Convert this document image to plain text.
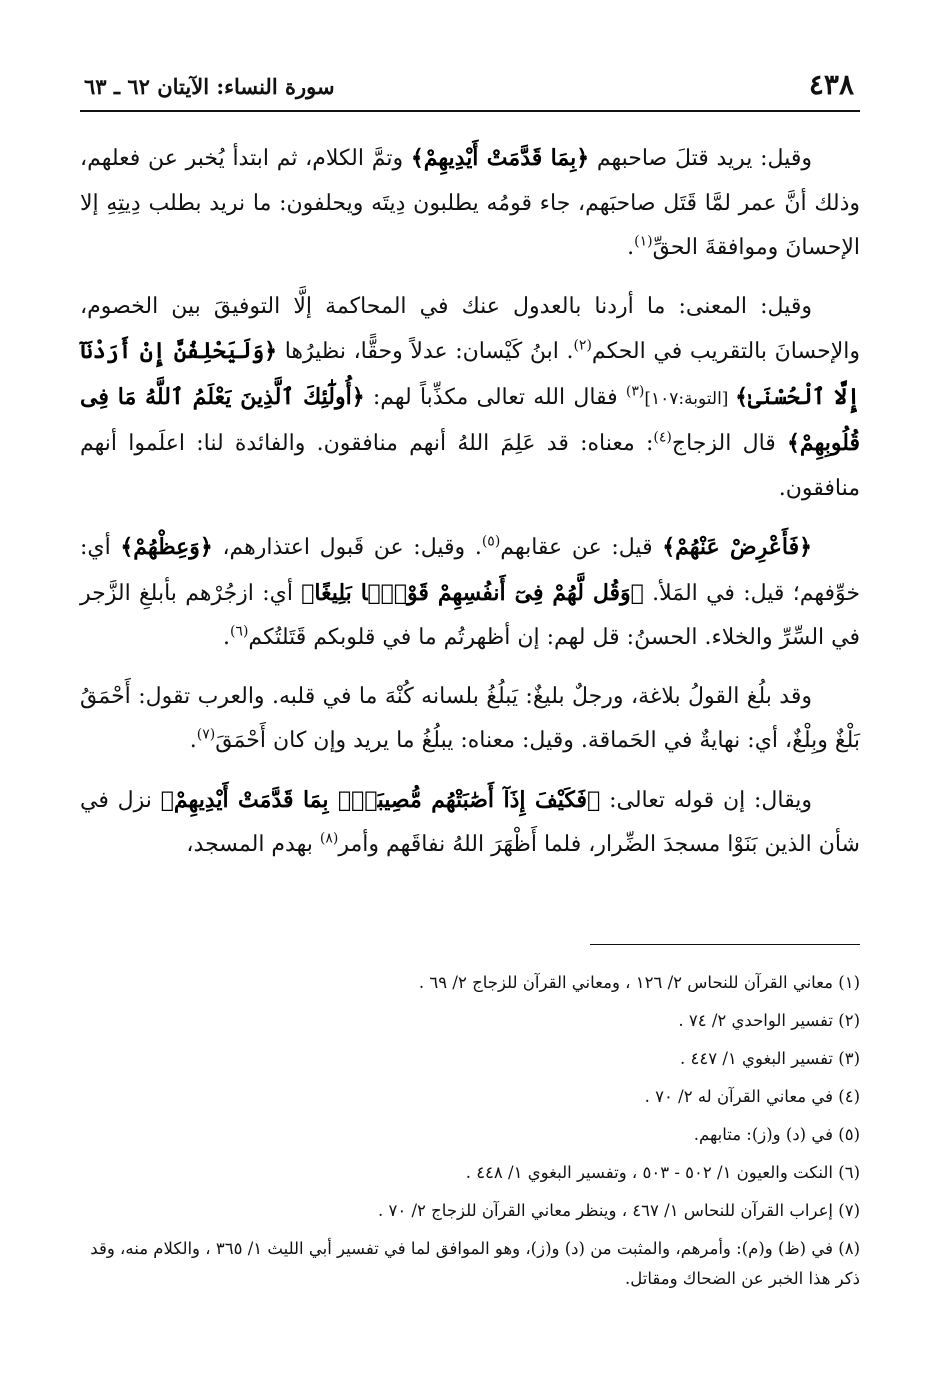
٤٣٨
سورة النساء: الآيتان ٦٢ ـ ٦٣

وقيل: يريد قتلَ صاحبهم ﴿بِمَا قَدَّمَتْ أَيْدِيهِمْ﴾ وتمَّ الكلام، ثم ابتدأ يُخبر عن فعلهم، وذلك أنَّ عمر لمَّا قَتَل صاحبَهم، جاء قومُه يطلبون دِيتَه ويحلفون: ما نريد بطلب دِيتِهِ إلا الإحسانَ وموافقةَ الحقِّ$^{(١)}$.

وقيل: المعنى: ما أردنا بالعدول عنك في المحاكمة إلَّا التوفيقَ بين الخصوم، والإحسانَ بالتقريب في الحكم$^{(٢)}$. ابنُ كَيْسان: عدلاً وحقًّا، نظيرُها ﴿وَلَيَحْلِفُنَّ إِنْ أَرَدْنَآ إِلَّا ٱلْحُسْنَىٰ﴾ [التوبة:١٠٧]$^{(٣)}$ فقال الله تعالى مكذِّباً لهم: ﴿أُولَٰٓئِكَ ٱلَّذِينَ يَعْلَمُ ٱللَّهُ مَا فِى قُلُوبِهِمْ﴾ قال الزجاج$^{(٤)}$: معناه: قد عَلِمَ اللهُ أنهم منافقون. والفائدة لنا: اعلَموا أنهم منافقون.

﴿فَأَعْرِضْ عَنْهُمْ﴾ قيل: عن عقابهم$^{(٥)}$. وقيل: عن قَبول اعتذارهم، ﴿وَعِظْهُمْ﴾ أي: خوِّفهم؛ قيل: في المَلأ. ﴿وَقُل لَّهُمْ فِىٓ أَنفُسِهِمْ قَوْلًۢا بَلِيغًا﴾ أي: ازجُرْهم بأبلغِ الزَّجر في السِّرِّ والخلاء. الحسنُ: قل لهم: إن أظهرتُم ما في قلوبكم قَتَلتُكم$^{(٦)}$.

وقد بلُغ القولُ بلاغة، ورجلٌ بليغٌ: يَبلُغُ بلسانه كُنْهَ ما في قلبه. والعرب تقول: أَحْمَقُ بَلْغٌ وبِلْغٌ، أي: نهايةٌ في الحَماقة. وقيل: معناه: يبلُغُ ما يريد وإن كان أَحْمَقَ$^{(٧)}$.

ويقال: إن قوله تعالى: ﴿فَكَيْفَ إِذَآ أَصَٰبَتْهُم مُّصِيبَةٌۢ بِمَا قَدَّمَتْ أَيْدِيهِمْ﴾ نزل في شأن الذين بَنَوْا مسجدَ الضِّرار، فلما أَظْهَرَ اللهُ نفاقَهم وأمر$^{(٨)}$ بهدم المسجد،

(١) معاني القرآن للنحاس ٢/ ١٢٦ ، ومعاني القرآن للزجاج ٢/ ٦٩ .
(٢) تفسير الواحدي ٢/ ٧٤ .
(٣) تفسير البغوي ١/ ٤٤٧ .
(٤) في معاني القرآن له ٢/ ٧٠ .
(٥) في (د) و(ز): متابهم.
(٦) النكت والعيون ١/ ٥٠٢ - ٥٠٣ ، وتفسير البغوي ١/ ٤٤٨ .
(٧) إعراب القرآن للنحاس ١/ ٤٦٧ ، وينظر معاني القرآن للزجاج ٢/ ٧٠ .
(٨) في (ظ) و(م): وأمرهم، والمثبت من (د) و(ز)، وهو الموافق لما في تفسير أبي الليث ١/ ٣٦٥ ، والكلام منه، وقد ذكر هذا الخبر عن الضحاك ومقاتل.
